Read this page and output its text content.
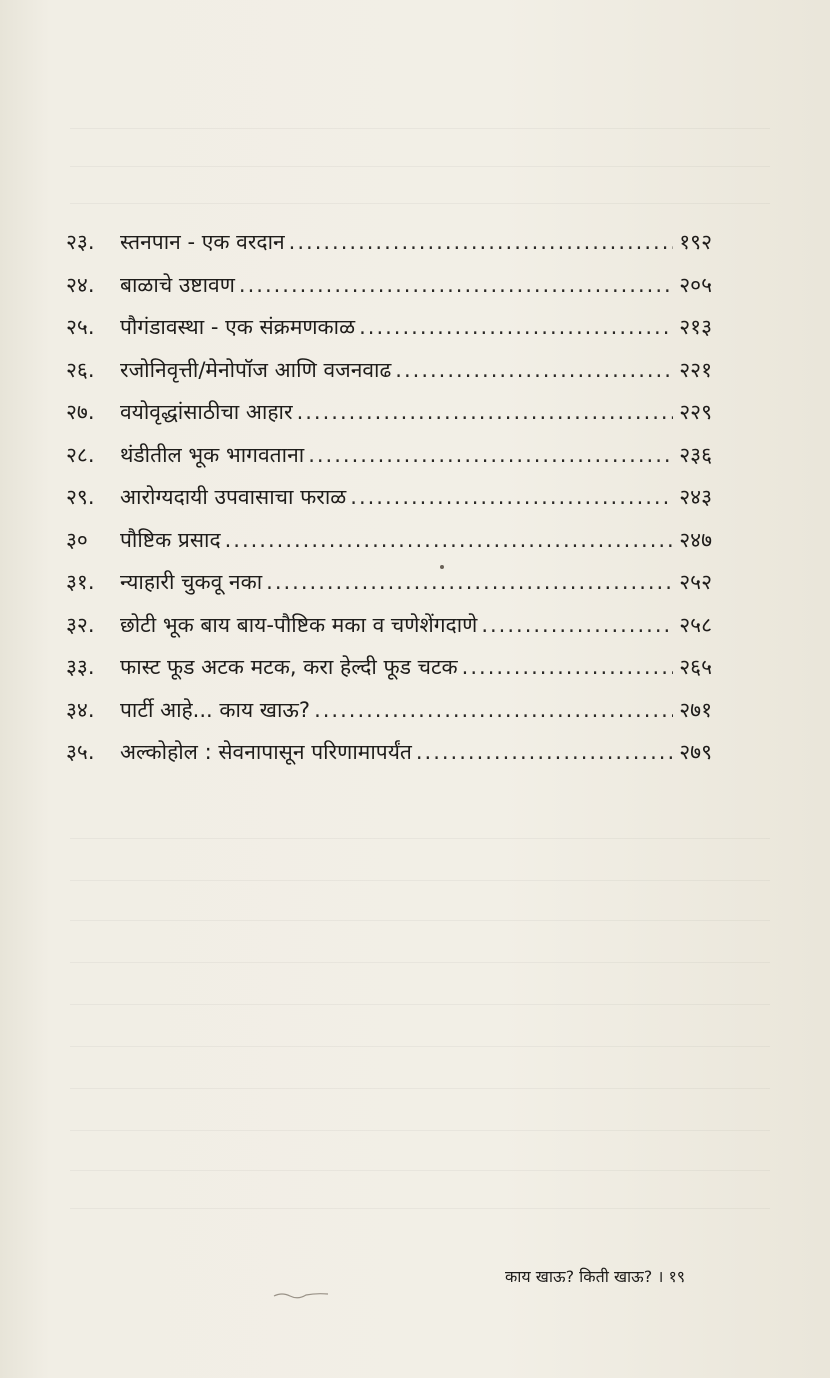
२३.	स्तनपान - एक वरदान .....	१९२
२४.	बाळाचे उष्टावण .....	२०५
२५.	पौगंडावस्था - एक संक्रमणकाळ .....	२१३
२६.	रजोनिवृत्ती/मेनोपॉज आणि वजनवाढ .....	२२१
२७.	वयोवृद्धांसाठीचा आहार .....	२२९
२८.	थंडीतील भूक भागवताना .....	२३६
२९.	आरोग्यदायी उपवासाचा फराळ .....	२४३
३०	पौष्टिक प्रसाद .....	२४७
३१.	न्याहारी चुकवू नका .....	२५२
३२.	छोटी भूक बाय बाय-पौष्टिक मका व चणेशेंगदाणे .....	२५८
३३.	फास्ट फूड अटक मटक, करा हेल्दी फूड चटक .....	२६५
३४.	पार्टी आहे... काय खाऊ? .....	२७१
३५.	अल्कोहोल : सेवनापासून परिणामापर्यंत .....	२७९
काय खाऊ? किती खाऊ? । १९
